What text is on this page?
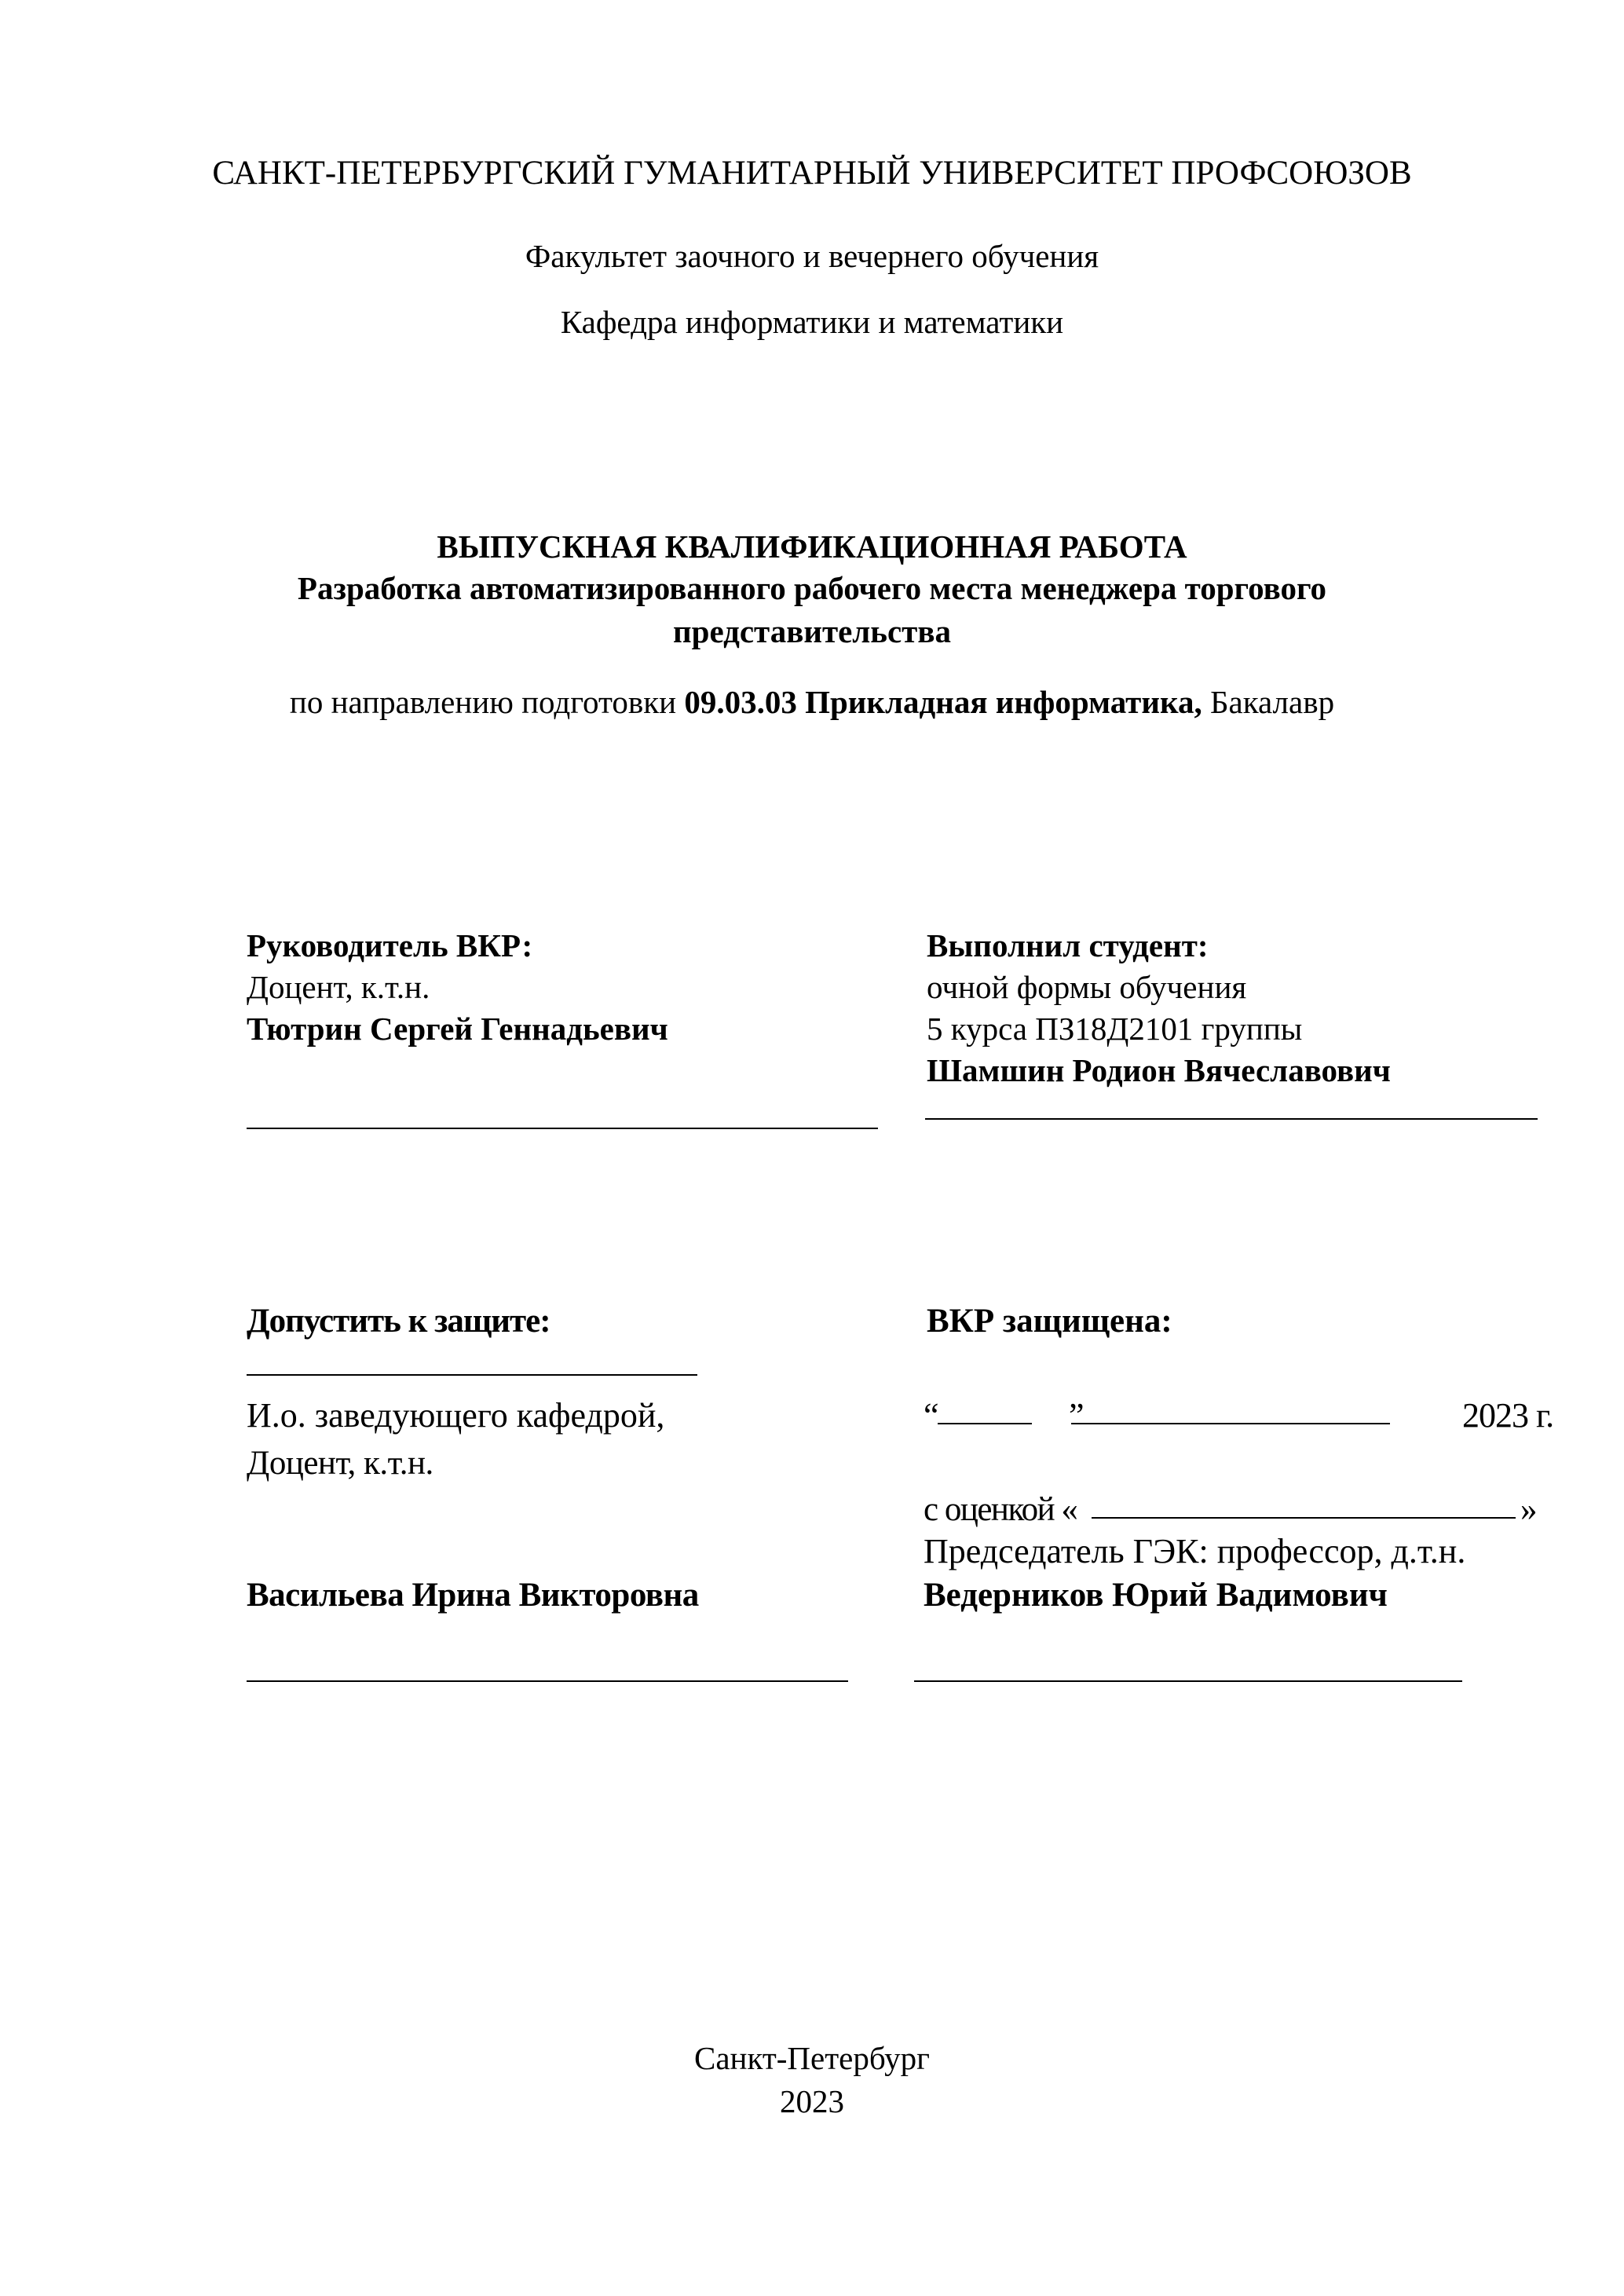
САНКТ-ПЕТЕРБУРГСКИЙ ГУМАНИТАРНЫЙ УНИВЕРСИТЕТ ПРОФСОЮЗОВ
Факультет заочного и вечернего обучения
Кафедра информатики и математики
ВЫПУСКНАЯ КВАЛИФИКАЦИОННАЯ РАБОТА
Разработка автоматизированного рабочего места менеджера торгового
представительства
по направлению подготовки 09.03.03 Прикладная информатика, Бакалавр
Руководитель ВКР:
Доцент, к.т.н.
Тютрин Сергей Геннадьевич
Выполнил студент:
очной формы обучения
5 курса ПЗ18Д2101 группы
Шамшин Родион Вячеславович
Допустить к защите:
И.о. заведующего кафедрой,
Доцент, к.т.н.
Васильева Ирина Викторовна
ВКР защищена:
“	”	2023 г.
с оценкой «	»
Председатель ГЭК: профессор, д.т.н.
Ведерников Юрий Вадимович
Санкт-Петербург
2023
